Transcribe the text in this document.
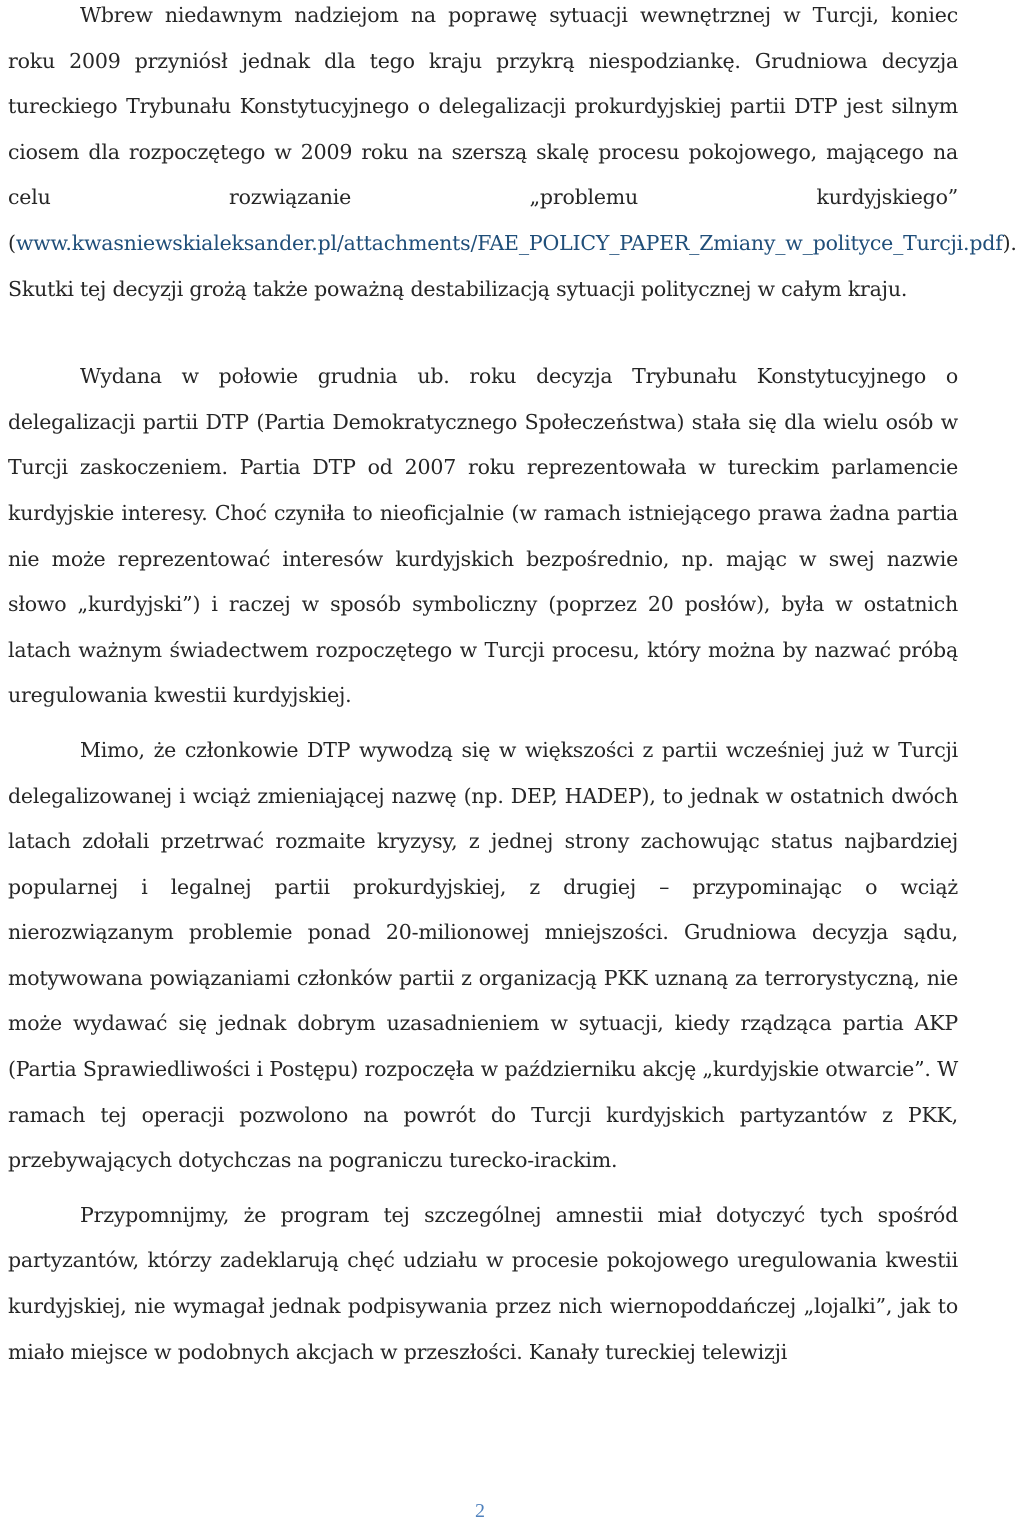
Wbrew niedawnym nadziejom na poprawę sytuacji wewnętrznej w Turcji, koniec roku 2009 przyniósł jednak dla tego kraju przykrą niespodziankę. Grudniowa decyzja tureckiego Trybunału Konstytucyjnego o delegalizacji prokurdyjskiej partii DTP jest silnym ciosem dla rozpoczętego w 2009 roku na szerszą skalę procesu pokojowego, mającego na celu rozwiązanie „problemu kurdyjskiego” (www.kwasniewskialeksander.pl/attachments/FAE_POLICY_PAPER_Zmiany_w_polityce_Turcji.pdf). Skutki tej decyzji grożą także poważną destabilizacją sytuacji politycznej w całym kraju.

Wydana w połowie grudnia ub. roku decyzja Trybunału Konstytucyjnego o delegalizacji partii DTP (Partia Demokratycznego Społeczeństwa) stała się dla wielu osób w Turcji zaskoczeniem. Partia DTP od 2007 roku reprezentowała w tureckim parlamencie kurdyjskie interesy. Choć czyniła to nieoficjalnie (w ramach istniejącego prawa żadna partia nie może reprezentować interesów kurdyjskich bezpośrednio, np. mając w swej nazwie słowo „kurdyjski”) i raczej w sposób symboliczny (poprzez 20 posłów), była w ostatnich latach ważnym świadectwem rozpoczętego w Turcji procesu, który można by nazwać próbą uregulowania kwestii kurdyjskiej.

Mimo, że członkowie DTP wywodzą się w większości z partii wcześniej już w Turcji delegalizowanej i wciąż zmieniającej nazwę (np. DEP, HADEP), to jednak w ostatnich dwóch latach zdołali przetrwać rozmaite kryzysy, z jednej strony zachowując status najbardziej popularnej i legalnej partii prokurdyjskiej, z drugiej – przypominając o wciąż nierozwiązanym problemie ponad 20-milionowej mniejszości. Grudniowa decyzja sądu, motywowana powiązaniami członków partii z organizacją PKK uznaną za terrorystyczną, nie może wydawać się jednak dobrym uzasadnieniem w sytuacji, kiedy rządząca partia AKP (Partia Sprawiedliwości i Postępu) rozpoczęła w październiku akcję „kurdyjskie otwarcie”. W ramach tej operacji pozwolono na powrót do Turcji kurdyjskich partyzantów z PKK, przebywających dotychczas na pograniczu turecko-irackim.

Przypomnijmy, że program tej szczególnej amnestii miał dotyczyć tych spośród partyzantów, którzy zadeklarują chęć udziału w procesie pokojowego uregulowania kwestii kurdyjskiej, nie wymagał jednak podpisywania przez nich wiernopoddańczej „lojalki”, jak to miało miejsce w podobnych akcjach w przeszłości. Kanały tureckiej telewizji

2
